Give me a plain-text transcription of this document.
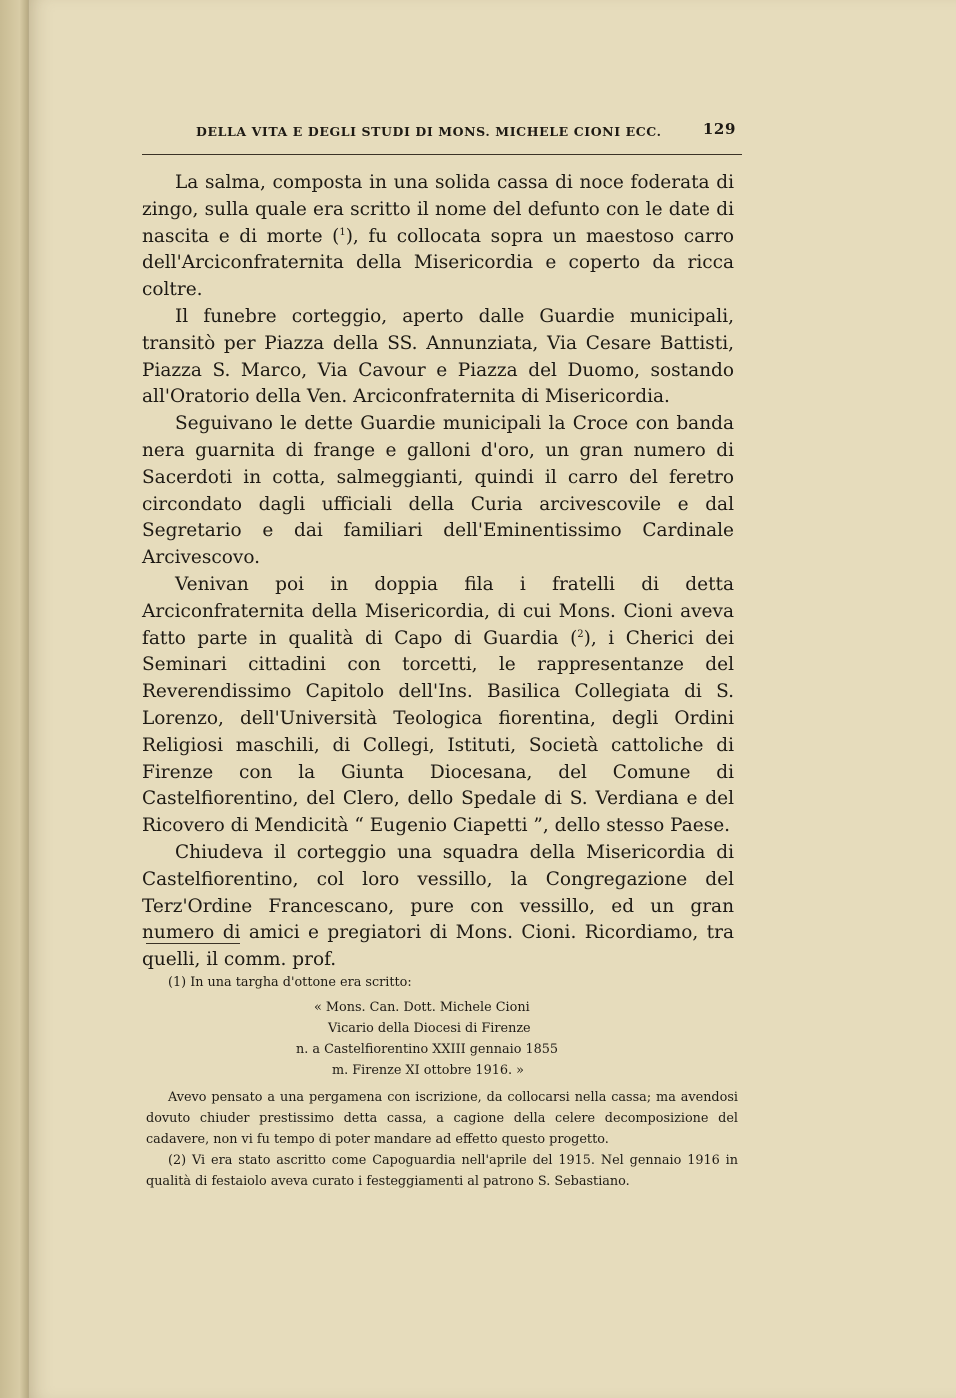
DELLA VITA E DEGLI STUDI DI MONS. MICHELE CIONI ECC.	129

La salma, composta in una solida cassa di noce foderata di zingo, sulla quale era scritto il nome del defunto con le date di nascita e di morte ($^1$), fu collocata sopra un maestoso carro dell'Arciconfraternita della Misericordia e coperto da ricca coltre.

Il funebre corteggio, aperto dalle Guardie municipali, transitò per Piazza della SS. Annunziata, Via Cesare Battisti, Piazza S. Marco, Via Cavour e Piazza del Duomo, sostando all'Oratorio della Ven. Arciconfraternita di Misericordia.

Seguivano le dette Guardie municipali la Croce con banda nera guarnita di frange e galloni d'oro, un gran numero di Sacerdoti in cotta, salmeggianti, quindi il carro del feretro circondato dagli ufficiali della Curia arcivescovile e dal Segretario e dai familiari dell'Eminentissimo Cardinale Arcivescovo.

Venivan poi in doppia fila i fratelli di detta Arciconfraternita della Misericordia, di cui Mons. Cioni aveva fatto parte in qualità di Capo di Guardia ($^2$), i Cherici dei Seminari cittadini con torcetti, le rappresentanze del Reverendissimo Capitolo dell'Ins. Basilica Collegiata di S. Lorenzo, dell'Università Teologica fiorentina, degli Ordini Religiosi maschili, di Collegi, Istituti, Società cattoliche di Firenze con la Giunta Diocesana, del Comune di Castelfiorentino, del Clero, dello Spedale di S. Verdiana e del Ricovero di Mendicità “ Eugenio Ciapetti ”, dello stesso Paese.

Chiudeva il corteggio una squadra della Misericordia di Castelfiorentino, col loro vessillo, la Congregazione del Terz'Ordine Francescano, pure con vessillo, ed un gran numero di amici e pregiatori di Mons. Cioni. Ricordiamo, tra quelli, il comm. prof.

(1) In una targha d'ottone era scritto:

« Mons. Can. Dott. Michele Cioni
Vicario della Diocesi di Firenze
n. a Castelfiorentino XXIII gennaio 1855
m. Firenze XI ottobre 1916. »

Avevo pensato a una pergamena con iscrizione, da collocarsi nella cassa; ma avendosi dovuto chiuder prestissimo detta cassa, a cagione della celere decomposizione del cadavere, non vi fu tempo di poter mandare ad effetto questo progetto.

(2) Vi era stato ascritto come Capoguardia nell'aprile del 1915. Nel gennaio 1916 in qualità di festaiolo aveva curato i festeggiamenti al patrono S. Sebastiano.
